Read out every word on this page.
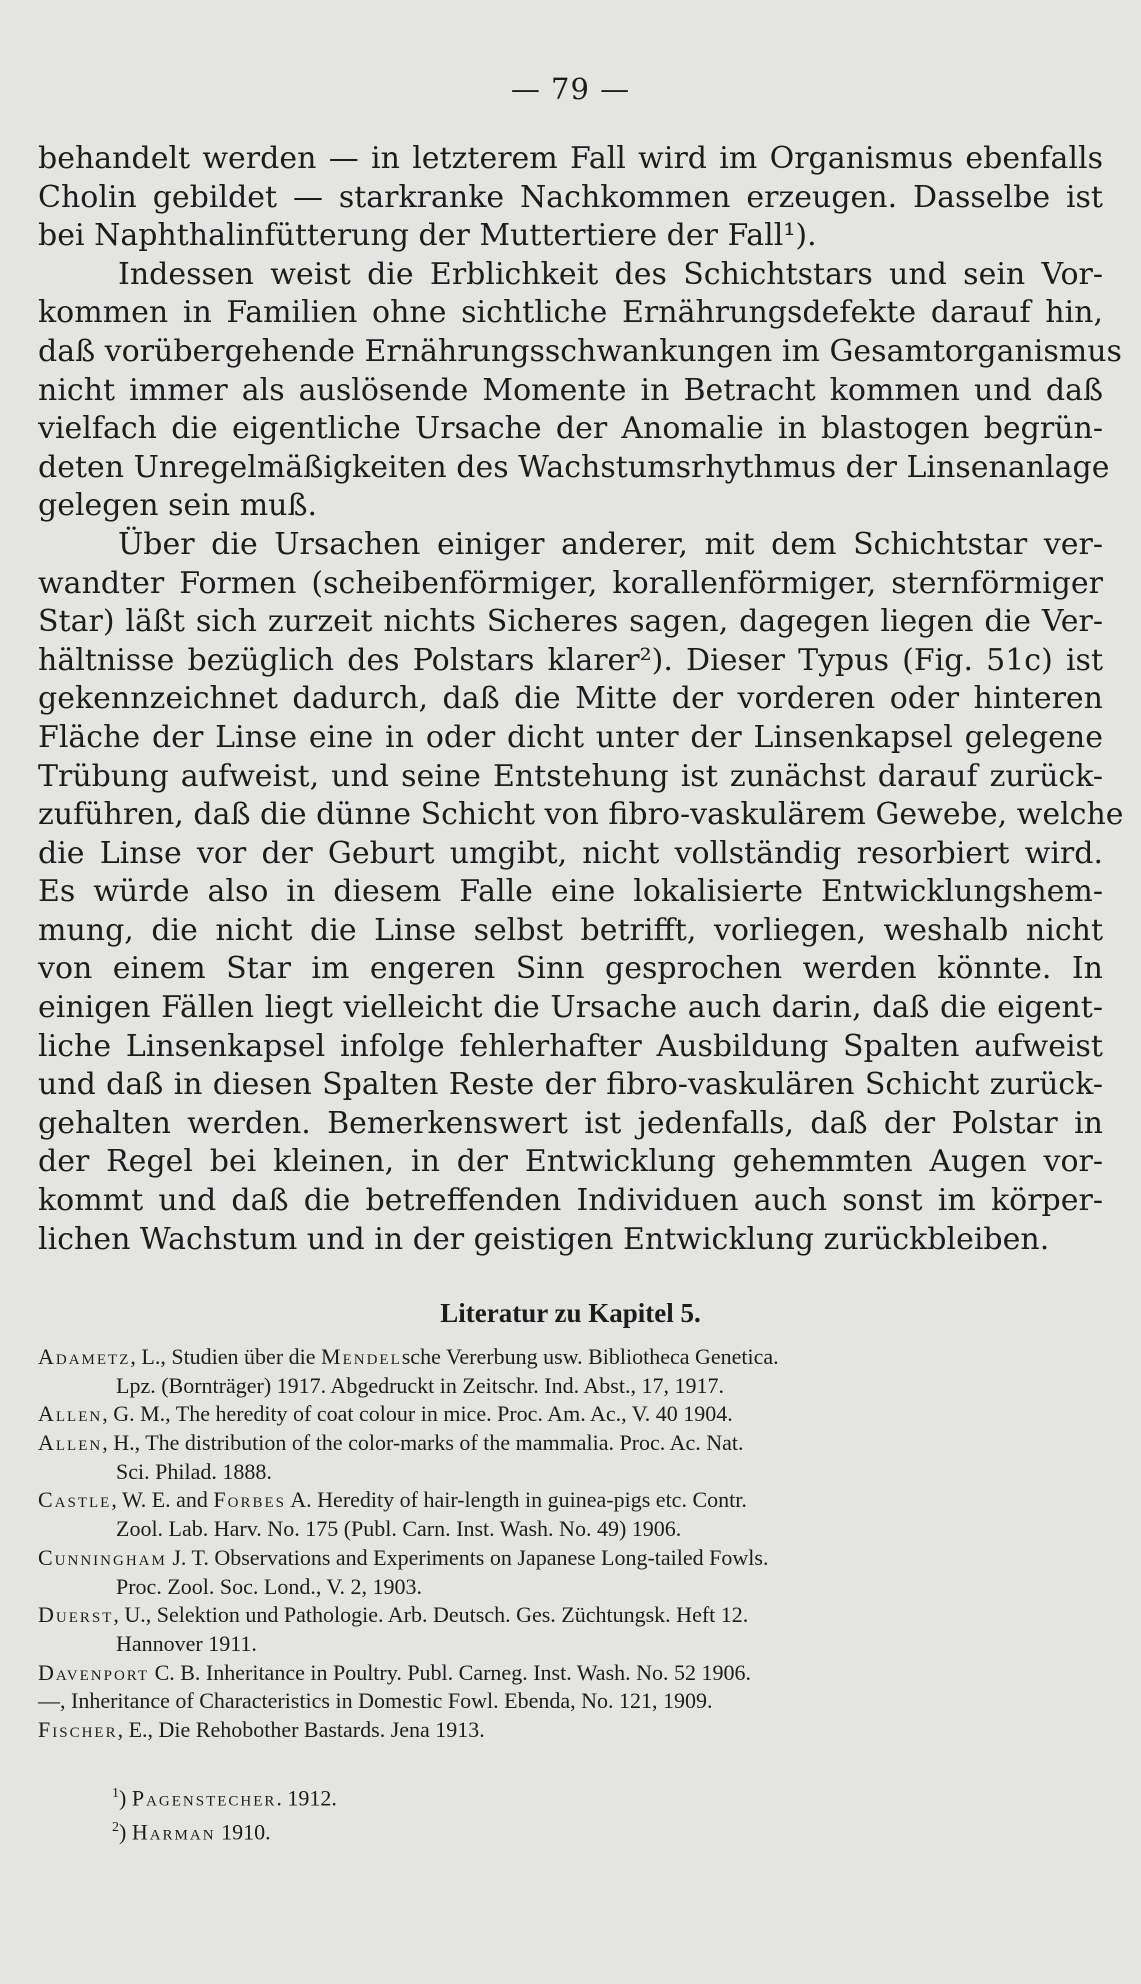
— 79 —
behandelt werden — in letzterem Fall wird im Organismus ebenfalls
Cholin gebildet — starkranke Nachkommen erzeugen. Dasselbe ist
bei Naphthalinfütterung der Muttertiere der Fall¹).
Indessen weist die Erblichkeit des Schichtstars und sein Vor-
kommen in Familien ohne sichtliche Ernährungsdefekte darauf hin,
daß vorübergehende Ernährungsschwankungen im Gesamtorganismus
nicht immer als auslösende Momente in Betracht kommen und daß
vielfach die eigentliche Ursache der Anomalie in blastogen begrün-
deten Unregelmäßigkeiten des Wachstumsrhythmus der Linsenanlage
gelegen sein muß.
Über die Ursachen einiger anderer, mit dem Schichtstar ver-
wandter Formen (scheibenförmiger, korallenförmiger, sternförmiger
Star) läßt sich zurzeit nichts Sicheres sagen, dagegen liegen die Ver-
hältnisse bezüglich des Polstars klarer²). Dieser Typus (Fig. 51c) ist
gekennzeichnet dadurch, daß die Mitte der vorderen oder hinteren
Fläche der Linse eine in oder dicht unter der Linsenkapsel gelegene
Trübung aufweist, und seine Entstehung ist zunächst darauf zurück-
zuführen, daß die dünne Schicht von fibro-vaskulärem Gewebe, welche
die Linse vor der Geburt umgibt, nicht vollständig resorbiert wird.
Es würde also in diesem Falle eine lokalisierte Entwicklungshem-
mung, die nicht die Linse selbst betrifft, vorliegen, weshalb nicht
von einem Star im engeren Sinn gesprochen werden könnte. In
einigen Fällen liegt vielleicht die Ursache auch darin, daß die eigent-
liche Linsenkapsel infolge fehlerhafter Ausbildung Spalten aufweist
und daß in diesen Spalten Reste der fibro-vaskulären Schicht zurück-
gehalten werden. Bemerkenswert ist jedenfalls, daß der Polstar in
der Regel bei kleinen, in der Entwicklung gehemmten Augen vor-
kommt und daß die betreffenden Individuen auch sonst im körper-
lichen Wachstum und in der geistigen Entwicklung zurückbleiben.
Literatur zu Kapitel 5.
Adametz, L., Studien über die Mendelsche Vererbung usw. Bibliotheca Genetica.
Lpz. (Bornträger) 1917. Abgedruckt in Zeitschr. Ind. Abst., 17, 1917.
Allen, G. M., The heredity of coat colour in mice. Proc. Am. Ac., V. 40 1904.
Allen, H., The distribution of the color-marks of the mammalia. Proc. Ac. Nat.
Sci. Philad. 1888.
Castle, W. E. and Forbes A. Heredity of hair-length in guinea-pigs etc. Contr.
Zool. Lab. Harv. No. 175 (Publ. Carn. Inst. Wash. No. 49) 1906.
Cunningham J. T. Observations and Experiments on Japanese Long-tailed Fowls.
Proc. Zool. Soc. Lond., V. 2, 1903.
Duerst, U., Selektion und Pathologie. Arb. Deutsch. Ges. Züchtungsk. Heft 12.
Hannover 1911.
Davenport C. B. Inheritance in Poultry. Publ. Carneg. Inst. Wash. No. 52 1906.
—, Inheritance of Characteristics in Domestic Fowl. Ebenda, No. 121, 1909.
Fischer, E., Die Rehobother Bastards. Jena 1913.
$^1$) Pagenstecher. 1912.
$^2$) Harman 1910.
